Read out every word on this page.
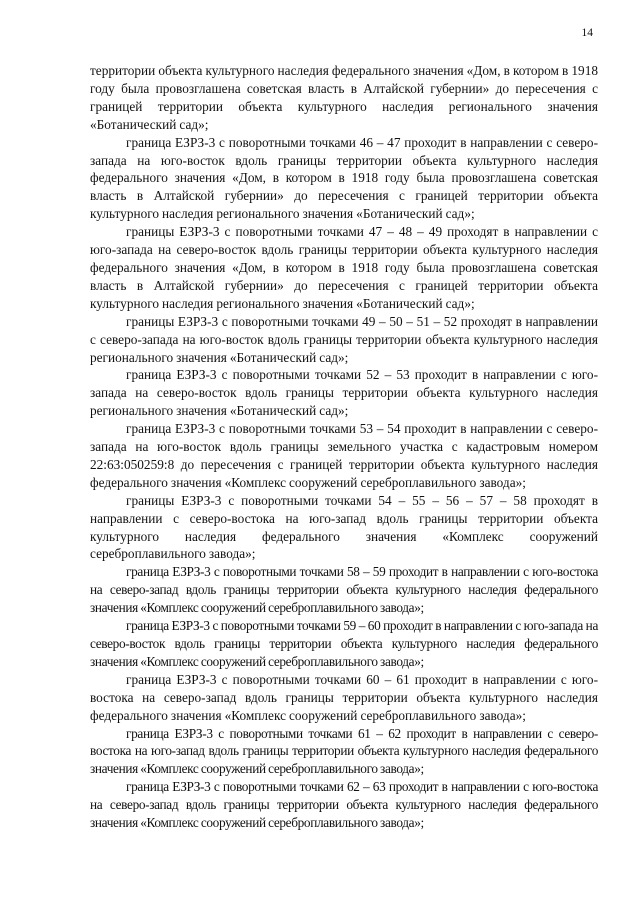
14

территории объекта культурного наследия федерального значения «Дом, в котором в 1918 году была провозглашена советская власть в Алтайской губернии» до пересечения с границей территории объекта культурного наследия регионального значения «Ботанический сад»;

граница ЕЗРЗ-3 с поворотными точками 46 – 47 проходит в направлении с северо-запада на юго-восток вдоль границы территории объекта культурного наследия федерального значения «Дом, в котором в 1918 году была провозглашена советская власть в Алтайской губернии» до пересечения с границей территории объекта культурного наследия регионального значения «Ботанический сад»;

границы ЕЗРЗ-3 с поворотными точками 47 – 48 – 49 проходят в направлении с юго-запада на северо-восток вдоль границы территории объекта культурного наследия федерального значения «Дом, в котором в 1918 году была провозглашена советская власть в Алтайской губернии» до пересечения с границей территории объекта культурного наследия регионального значения «Ботанический сад»;

границы ЕЗРЗ-3 с поворотными точками 49 – 50 – 51 – 52 проходят в направлении с северо-запада на юго-восток вдоль границы территории объекта культурного наследия регионального значения «Ботанический сад»;

граница ЕЗРЗ-3 с поворотными точками 52 – 53 проходит в направлении с юго-запада на северо-восток вдоль границы территории объекта культурного наследия регионального значения «Ботанический сад»;

граница ЕЗРЗ-3 с поворотными точками 53 – 54 проходит в направлении с северо-запада на юго-восток вдоль границы земельного участка с кадастровым номером 22:63:050259:8 до пересечения с границей территории объекта культурного наследия федерального значения «Комплекс сооружений сереброплавильного завода»;

границы ЕЗРЗ-3 с поворотными точками 54 – 55 – 56 – 57 – 58 проходят в направлении с северо-востока на юго-запад вдоль границы территории объекта культурного наследия федерального значения «Комплекс сооружений сереброплавильного завода»;

граница ЕЗРЗ-3 с поворотными точками 58 – 59 проходит в направлении с юго-востока на северо-запад вдоль границы территории объекта культурного наследия федерального значения «Комплекс сооружений сереброплавильного завода»;

граница ЕЗРЗ-3 с поворотными точками 59 – 60 проходит в направлении с юго-запада на северо-восток вдоль границы территории объекта культурного наследия федерального значения «Комплекс сооружений сереброплавильного завода»;

граница ЕЗРЗ-3 с поворотными точками 60 – 61 проходит в направлении с юго-востока на северо-запад вдоль границы территории объекта культурного наследия федерального значения «Комплекс сооружений сереброплавильного завода»;

граница ЕЗРЗ-3 с поворотными точками 61 – 62 проходит в направлении с северо-востока на юго-запад вдоль границы территории объекта культурного наследия федерального значения «Комплекс сооружений сереброплавильного завода»;

граница ЕЗРЗ-3 с поворотными точками 62 – 63 проходит в направлении с юго-востока на северо-запад вдоль границы территории объекта культурного наследия федерального значения «Комплекс сооружений сереброплавильного завода»;
